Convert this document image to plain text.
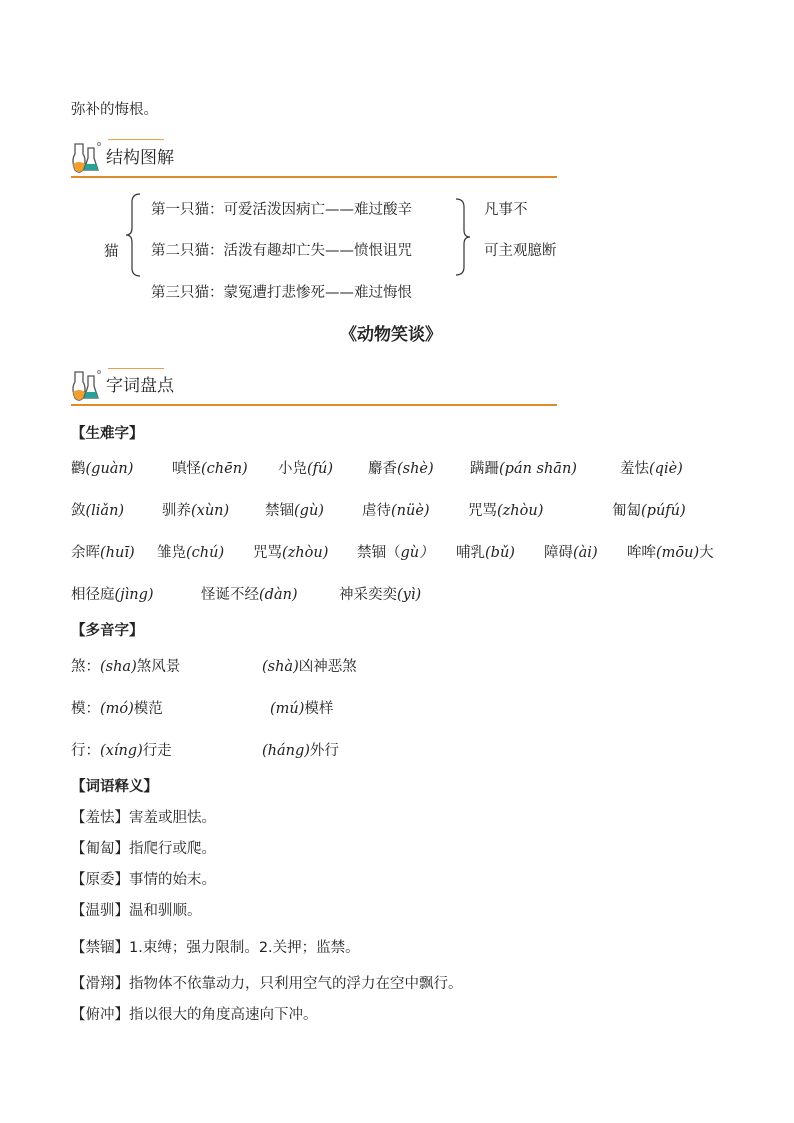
弥补的悔根。
结构图解
猫
第一只猫：可爱活泼因病亡——难过酸辛
第二只猫：活泼有趣却亡失——愤恨诅咒
第三只猫：蒙冤遭打悲惨死——难过悔恨
凡事不
可主观臆断
《动物笑谈》
字词盘点
【生难字】
鹳(guàn)	嗔怪(chēn) 小凫(fú) 麝香(shè)	蹒跚(pán shān)	羞怯(qiè)
敛(liǎn)	驯养(xùn) 禁锢(gù)	虐待(nüè)	咒骂(zhòu)	匍匐(púfú)
余晖(huī) 雏凫(chú) 咒骂(zhòu) 禁锢（gù） 哺乳(bǔ) 障碍(ài) 哞哞(mōu)大
相径庭(jìng)	怪诞不经(dàn)	神采奕奕(yì)
【多音字】
煞：(sha)煞风景	(shà)凶神恶煞
模：(mó)模范	(mú)模样
行：(xíng)行走	(háng)外行
【词语释义】
【羞怯】害羞或胆怯。
【匍匐】指爬行或爬。
【原委】事情的始末。
【温驯】温和驯顺。
【禁锢】1.束缚；强力限制。2.关押；监禁。
【滑翔】指物体不依靠动力，只利用空气的浮力在空中飘行。
【俯冲】指以很大的角度高速向下冲。
